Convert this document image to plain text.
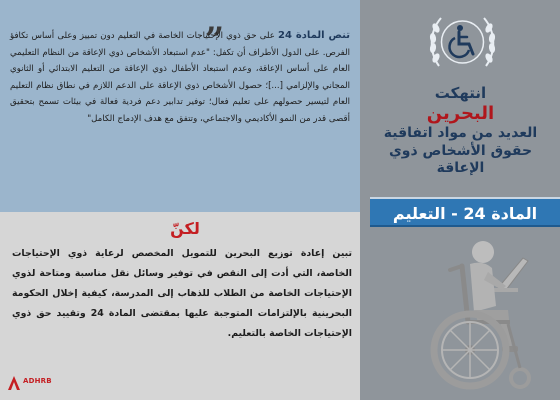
انتهكت
البحرين
العديد من مواد اتفاقية
حقوق الأشخاص ذوي
الإعاقة
المادة 24 - التعليم
„	تنص المادة 24 على حق ذوي الإحتياجات الخاصة في التعليم دون تمييز وعلى أساس تكافؤ الفرص. على الدول الأطراف أن تكفل: "عدم استبعاد الأشخاص ذوي الإعاقة من النظام التعليمي العام على أساس الإعاقة، وعدم استبعاد الأطفال ذوي الإعاقة من التعليم الابتدائي أو الثانوي المجاني والإلزامي [...]؛ حصول الأشخاص ذوي الإعاقة على الدعم اللازم في نطاق نظام التعليم العام لتيسير حصولهم على تعليم فعال؛ توفير تدابير دعم فردية فعالة في بيئات تسمح بتحقيق أقصى قدر من النمو الأكاديمي والاجتماعي، وتتفق مع هدف الإدماج الكامل"
لكنّ
تبين إعادة توزيع البحرين للتمويل المخصص لرعاية ذوي الإحتياجات الخاصة، التي أدت إلى النقص في توفير وسائل نقل مناسبة ومتاحة لذوي الإحتياجات الخاصة من الطلاب للذهاب إلى المدرسة، كيفية إخلال الحكومة البحرينية بالإلتزامات المتوجبة عليها بمقتضى المادة 24 وتقييد حق ذوي الإحتياجات الخاصة بالتعليم.
ADHRB
